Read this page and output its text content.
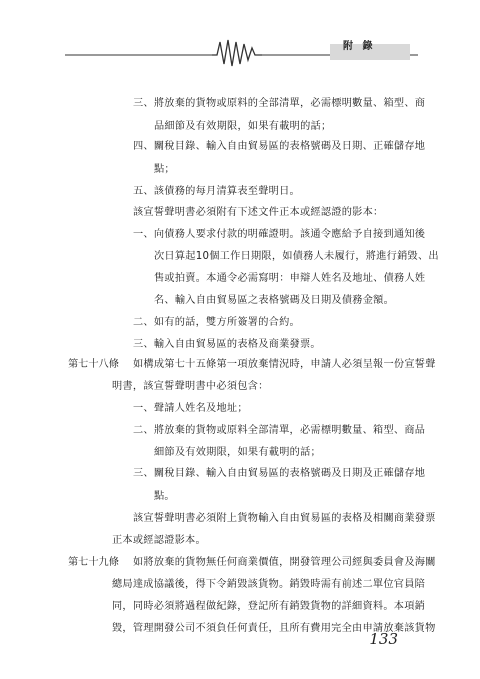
附 錄
三、將放棄的貨物或原料的全部清單，必需標明數量、箱型、商
品細節及有效期限，如果有載明的話；
四、關稅目錄、輸入自由貿易區的表格號碼及日期、正確儲存地
點；
五、該債務的每月清算表至聲明日。
該宣誓聲明書必須附有下述文件正本或經認證的影本：
一、向債務人要求付款的明確證明。該通令應給予自接到通知後
次日算起10個工作日期限，如債務人未履行，將進行銷毀、出
售或拍賣。本通令必需寫明：申辯人姓名及地址、債務人姓
名、輸入自由貿易區之表格號碼及日期及債務金額。
二、如有的話，雙方所簽署的合約。
三、輸入自由貿易區的表格及商業發票。
第七十八條 如構成第七十五條第一項放棄情況時，申請人必須呈報一份宣誓聲
明書，該宣誓聲明書中必須包含：
一、聲請人姓名及地址；
二、將放棄的貨物或原料全部清單，必需標明數量、箱型、商品
細節及有效期限，如果有載明的話；
三、關稅目錄、輸入自由貿易區的表格號碼及日期及正確儲存地
點。
該宣誓聲明書必須附上貨物輸入自由貿易區的表格及相關商業發票
正本或經認證影本。
第七十九條 如將放棄的貨物無任何商業價值，開發管理公司經與委員會及海關
總局達成協議後，得下令銷毀該貨物。銷毀時需有前述二單位官員陪
同，同時必須將過程做紀錄，登記所有銷毀貨物的詳細資料。本項銷
毀，管理開發公司不須負任何責任，且所有費用完全由申請放棄該貨物
133
